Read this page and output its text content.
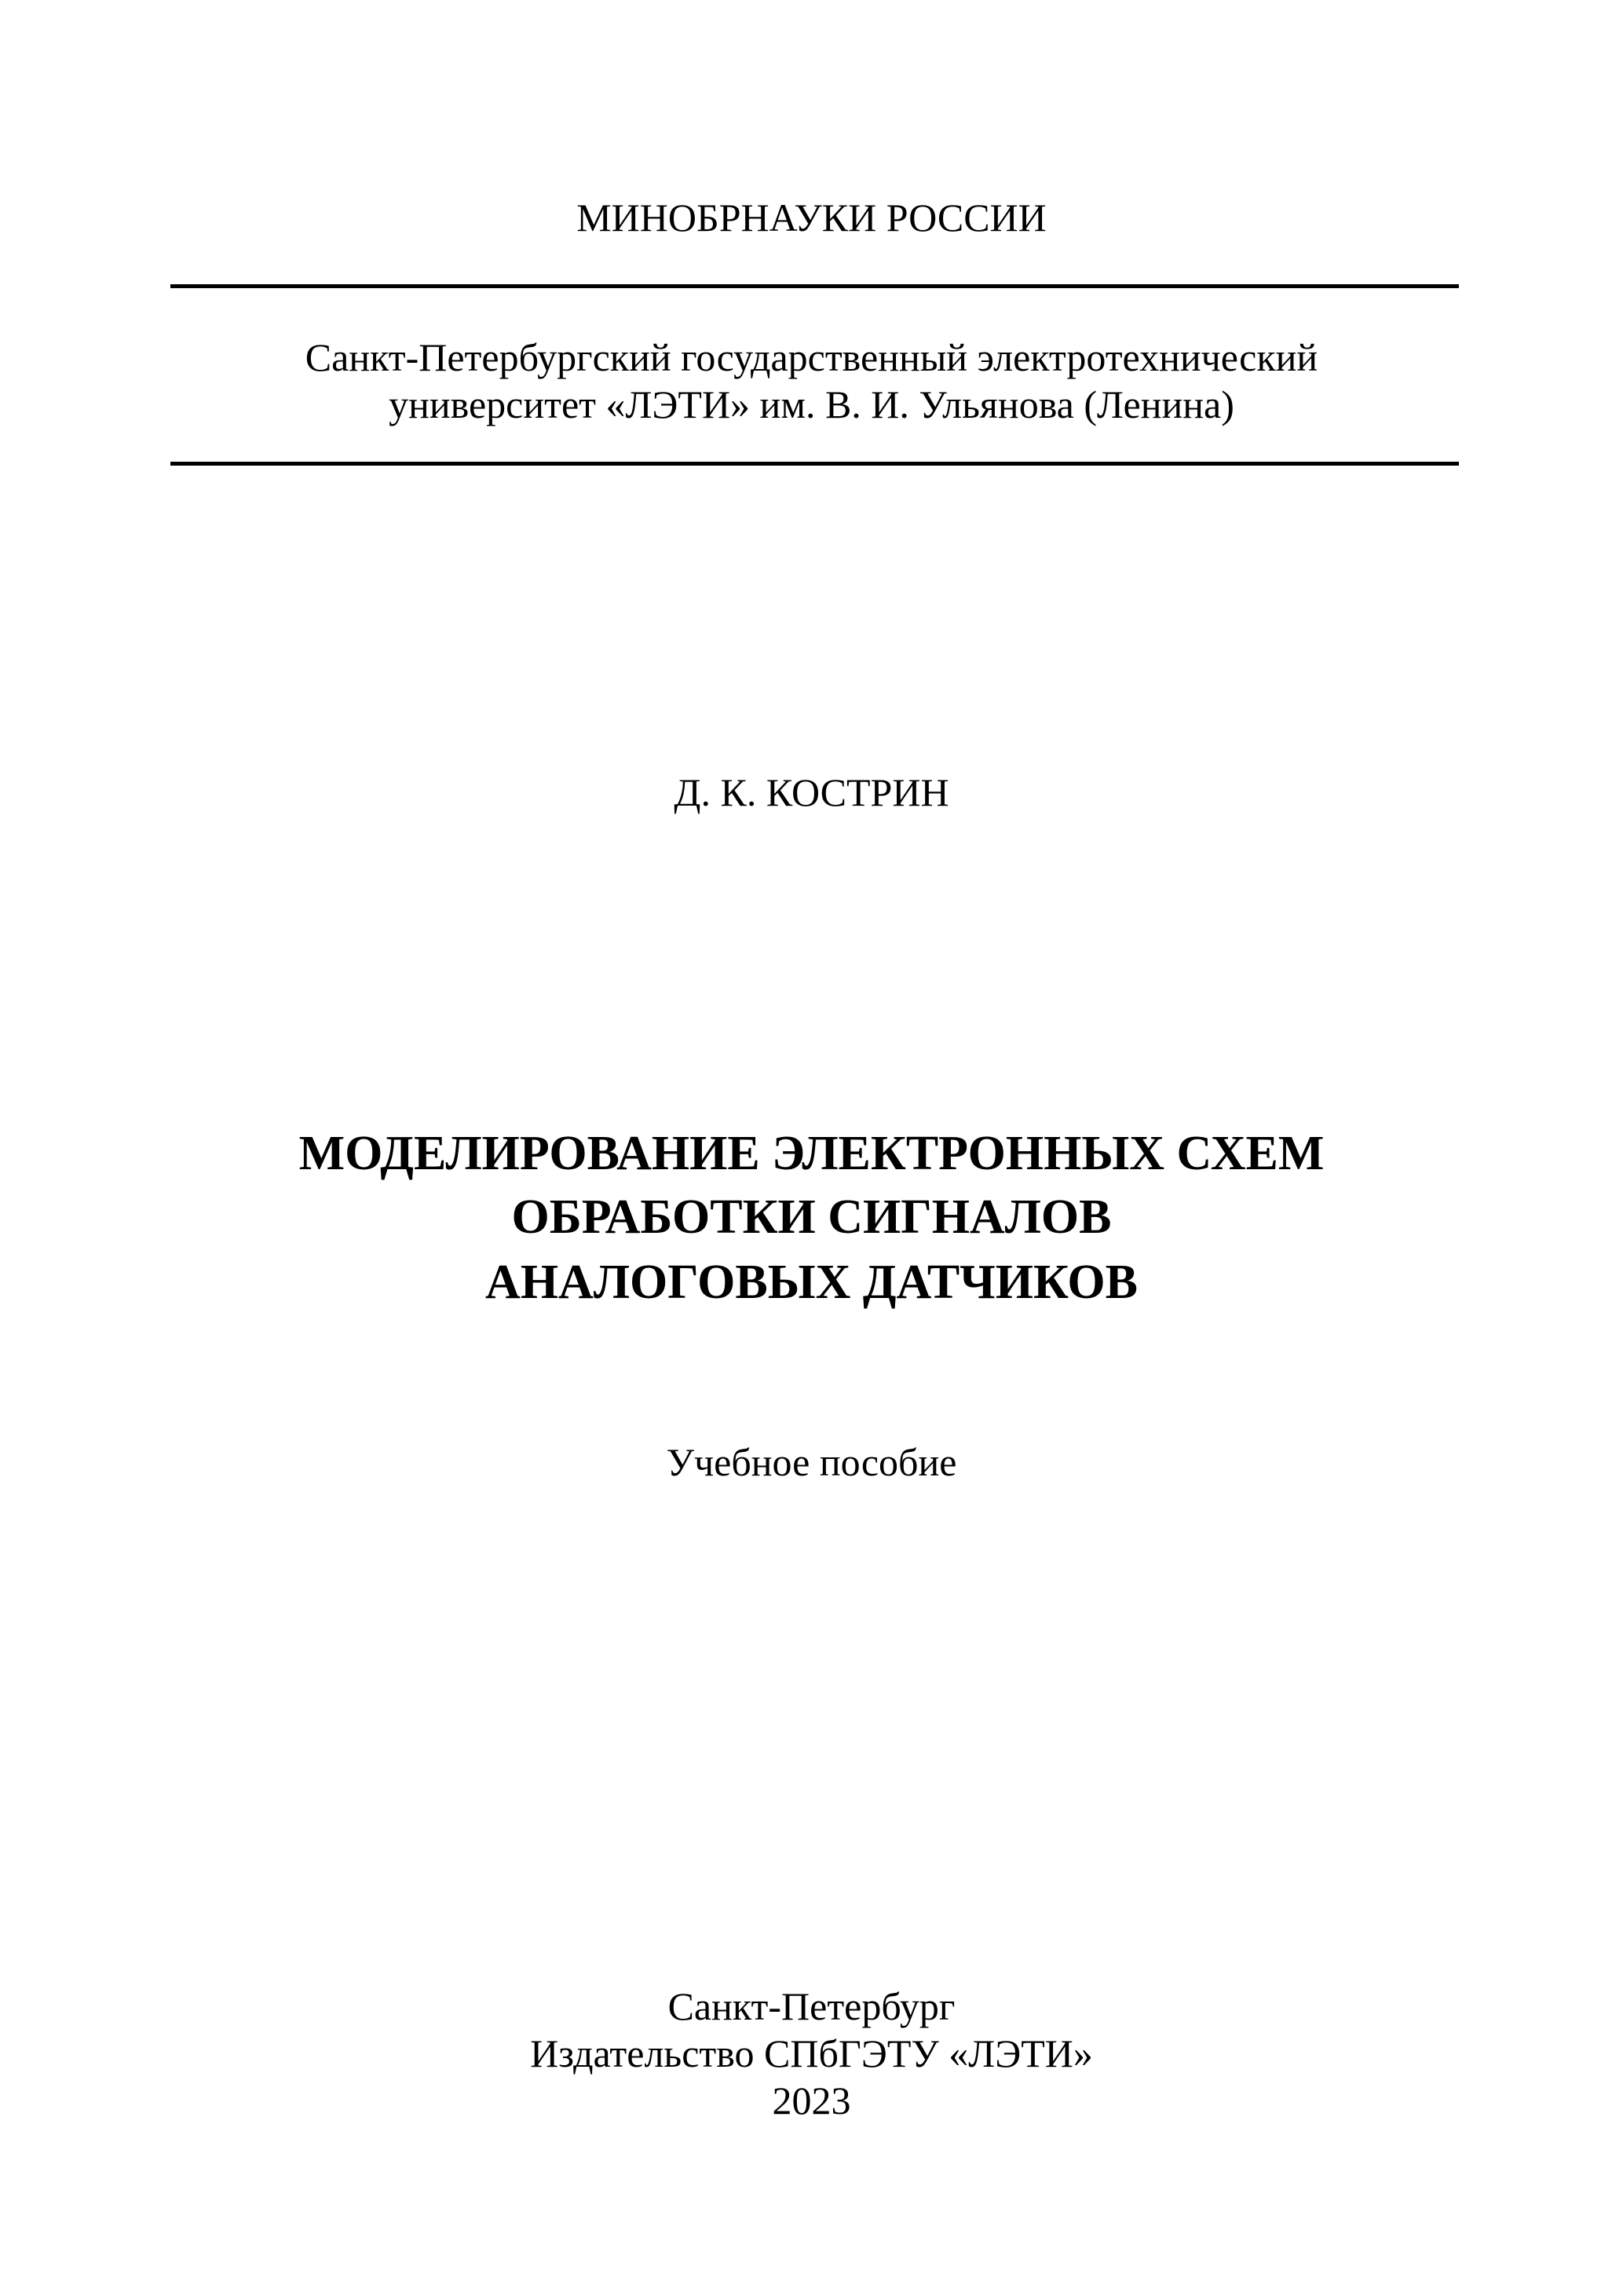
МИНОБРНАУКИ РОССИИ
Санкт-Петербургский государственный электротехнический
университет «ЛЭТИ» им. В. И. Ульянова (Ленина)
Д. К. КОСТРИН
МОДЕЛИРОВАНИЕ ЭЛЕКТРОННЫХ СХЕМ
ОБРАБОТКИ СИГНАЛОВ
АНАЛОГОВЫХ ДАТЧИКОВ
Учебное пособие
Санкт-Петербург
Издательство СПбГЭТУ «ЛЭТИ»
2023
